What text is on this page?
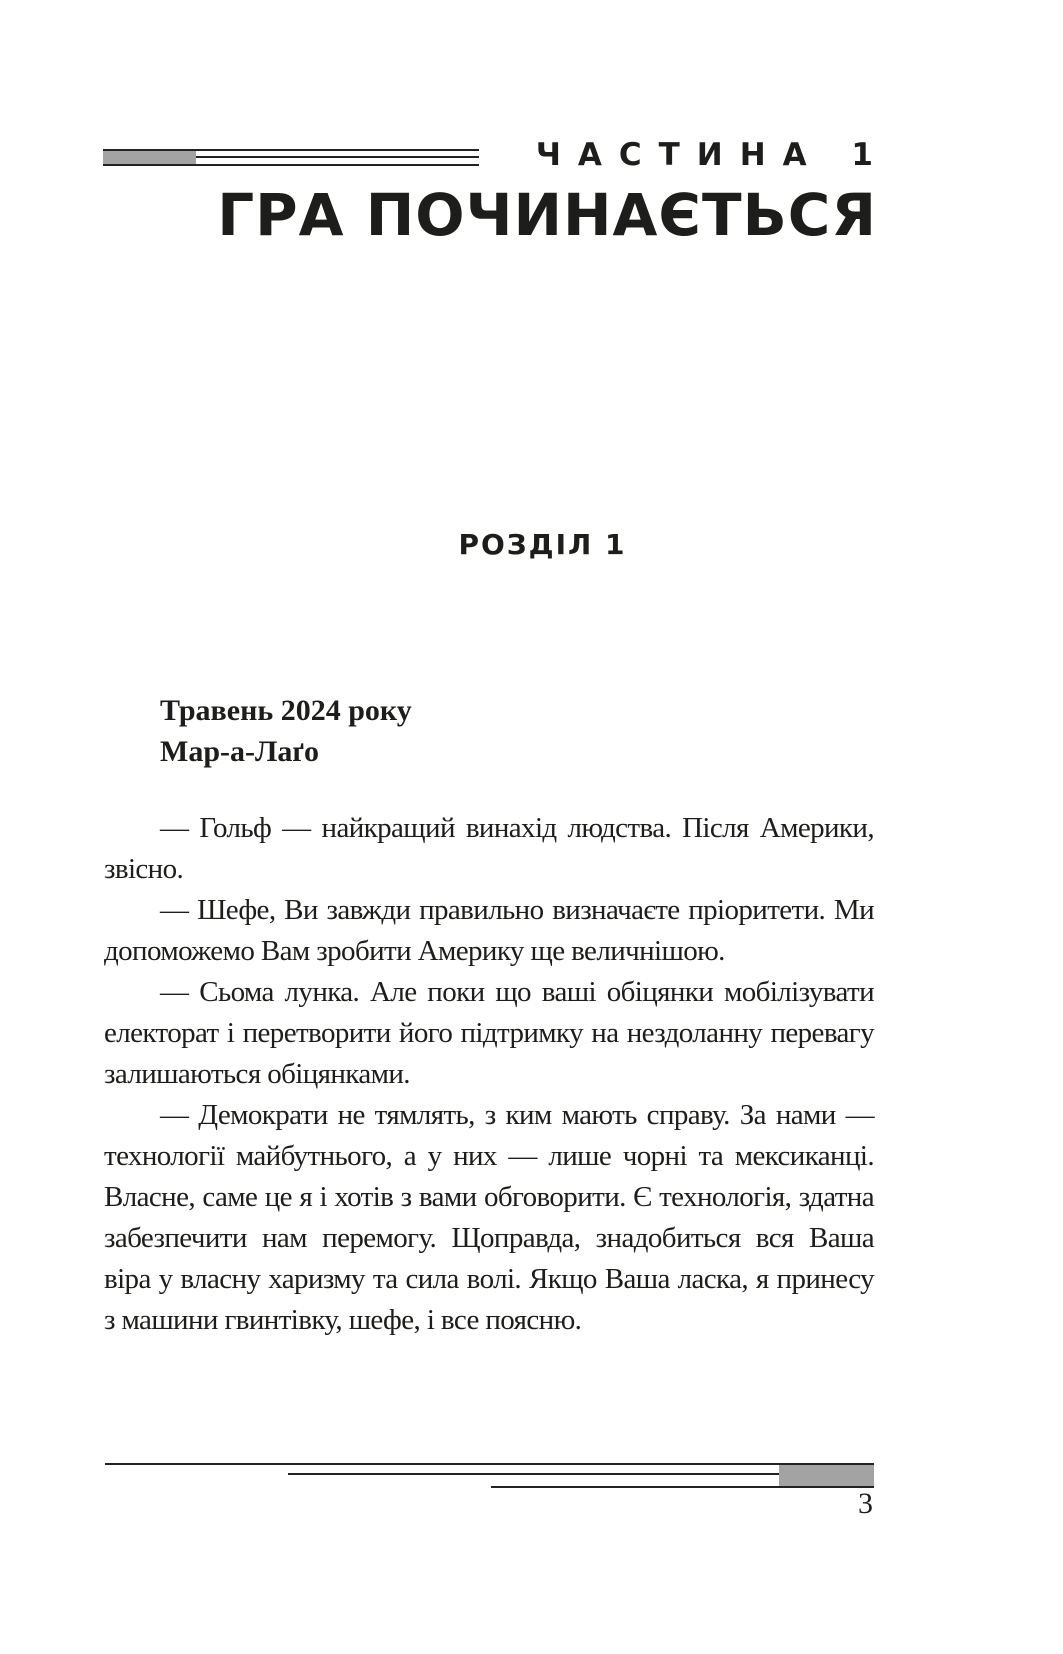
ЧАСТИНА 1
ГРА ПОЧИНАЄТЬСЯ
РОЗДІЛ 1
Травень 2024 року
Мар-а-Лаґо

— Гольф — найкращий винахід людства. Після Америки, звісно.

— Шефе, Ви завжди правильно визначаєте пріоритети. Ми допоможемо Вам зробити Америку ще величнішою.

— Сьома лунка. Але поки що ваші обіцянки мобілізувати електорат і перетворити його підтримку на нездоланну перевагу залишаються обіцянками.

— Демократи не тямлять, з ким мають справу. За нами — технології майбутнього, а у них — лише чорні та мексиканці. Власне, саме це я і хотів з вами обговорити. Є технологія, здатна забезпечити нам перемогу. Щоправда, знадобиться вся Ваша віра у власну харизму та сила волі. Якщо Ваша ласка, я принесу з машини гвинтівку, шефе, і все поясню.

3
